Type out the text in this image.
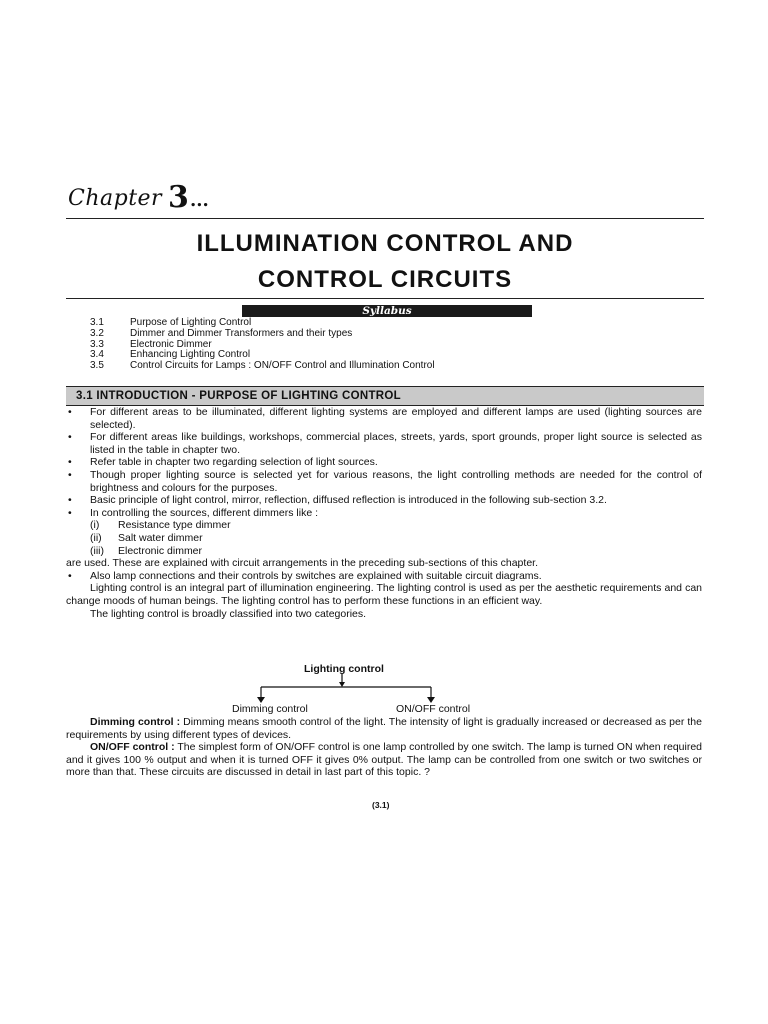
Chapter 3 ...
ILLUMINATION CONTROL AND
CONTROL CIRCUITS
Syllabus
3.1	Purpose of Lighting Control
3.2	Dimmer and Dimmer Transformers and their types
3.3	Electronic Dimmer
3.4	Enhancing Lighting Control
3.5	Control Circuits for Lamps : ON/OFF Control and Illumination Control
3.1 INTRODUCTION - PURPOSE OF LIGHTING CONTROL
• For different areas to be illuminated, different lighting systems are employed and different lamps are used (lighting sources are selected).
• For different areas like buildings, workshops, commercial places, streets, yards, sport grounds, proper light source is selected as listed in the table in chapter two.
• Refer table in chapter two regarding selection of light sources.
• Though proper lighting source is selected yet for various reasons, the light controlling methods are needed for the control of brightness and colours for the purposes.
• Basic principle of light control, mirror, reflection, diffused reflection is introduced in the following sub-section 3.2.
• In controlling the sources, different dimmers like :
(i) Resistance type dimmer
(ii) Salt water dimmer
(iii) Electronic dimmer
are used. These are explained with circuit arrangements in the preceding sub-sections of this chapter.
• Also lamp connections and their controls by switches are explained with suitable circuit diagrams.
Lighting control is an integral part of illumination engineering. The lighting control is used as per the aesthetic requirements and can change moods of human beings. The lighting control has to perform these functions in an efficient way.
The lighting control is broadly classified into two categories.
Lighting control
Dimming control	ON/OFF control
Dimming control : Dimming means smooth control of the light. The intensity of light is gradually increased or decreased as per the requirements by using different types of devices.
ON/OFF control : The simplest form of ON/OFF control is one lamp controlled by one switch. The lamp is turned ON when required and it gives 100 % output and when it is turned OFF it gives 0% output. The lamp can be controlled from one switch or two switches or more than that. These circuits are discussed in detail in last part of this topic. ?
(3.1)
